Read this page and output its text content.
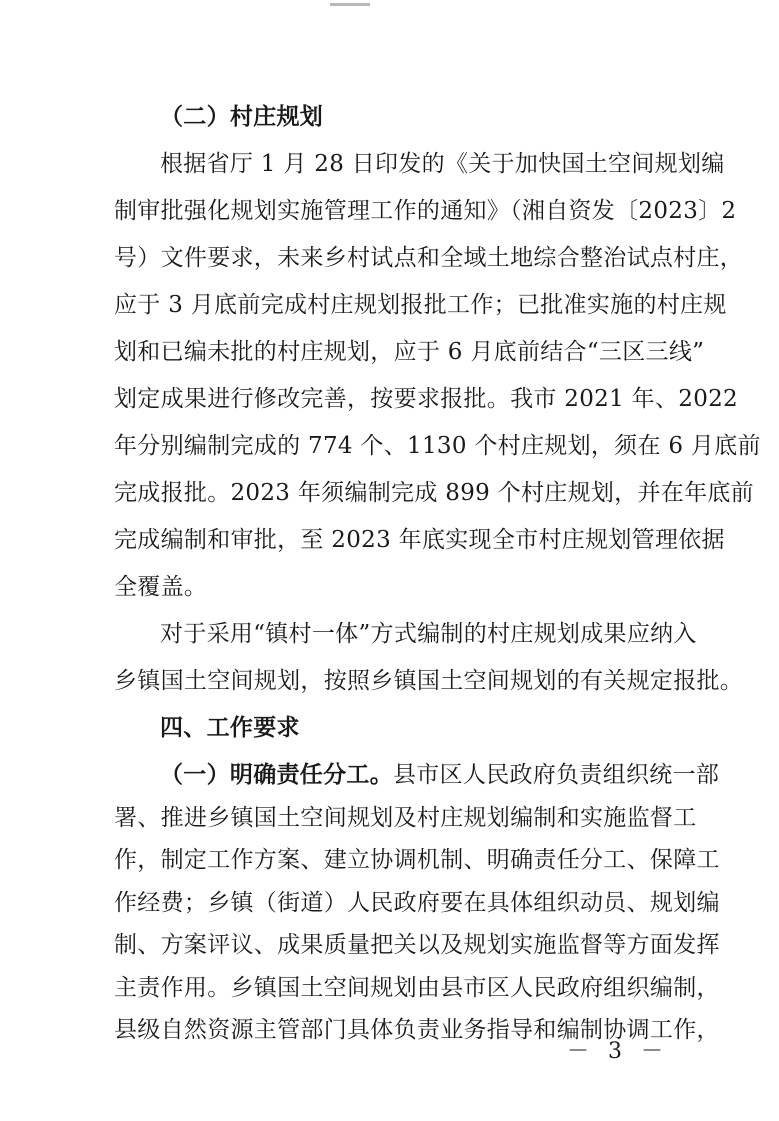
（二）村庄规划
根据省厅 1 月 28 日印发的《关于加快国土空间规划编
制审批强化规划实施管理工作的通知》（湘自资发〔2023〕2
号）文件要求，未来乡村试点和全域土地综合整治试点村庄，
应于 3 月底前完成村庄规划报批工作；已批准实施的村庄规
划和已编未批的村庄规划，应于 6 月底前结合“三区三线”
划定成果进行修改完善，按要求报批。我市 2021 年、2022
年分别编制完成的 774 个、1130 个村庄规划，须在 6 月底前
完成报批。2023 年须编制完成 899 个村庄规划，并在年底前
完成编制和审批，至 2023 年底实现全市村庄规划管理依据
全覆盖。
对于采用“镇村一体”方式编制的村庄规划成果应纳入
乡镇国土空间规划，按照乡镇国土空间规划的有关规定报批。
四、工作要求
（一）明确责任分工。县市区人民政府负责组织统一部
署、推进乡镇国土空间规划及村庄规划编制和实施监督工
作，制定工作方案、建立协调机制、明确责任分工、保障工
作经费；乡镇（街道）人民政府要在具体组织动员、规划编
制、方案评议、成果质量把关以及规划实施监督等方面发挥
主责作用。乡镇国土空间规划由县市区人民政府组织编制，
县级自然资源主管部门具体负责业务指导和编制协调工作，
－ 3 －
